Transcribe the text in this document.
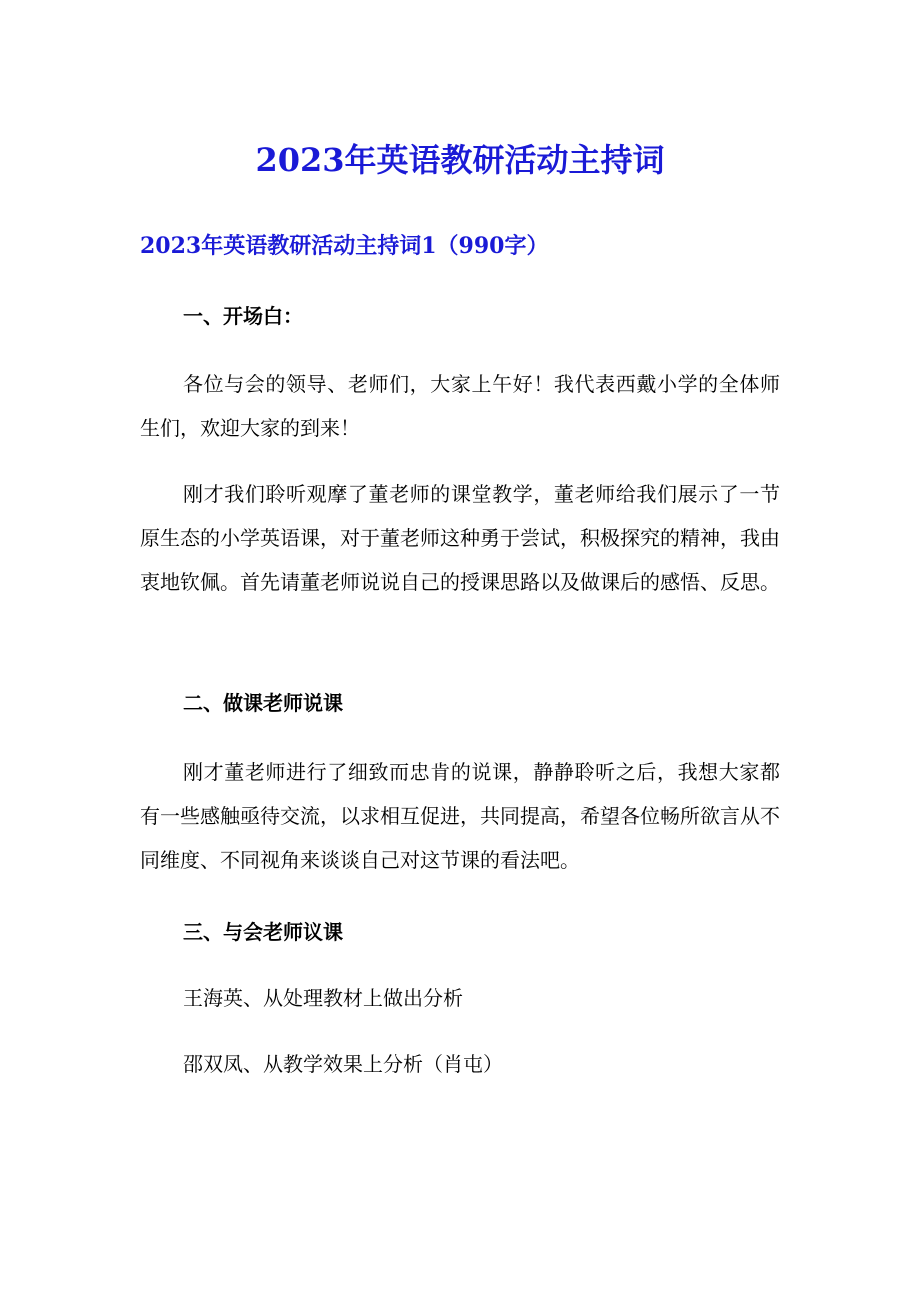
2023年英语教研活动主持词
2023年英语教研活动主持词1（990字）
一、开场白：

各位与会的领导、老师们，大家上午好！我代表西戴小学的全体师生们，欢迎大家的到来！

刚才我们聆听观摩了董老师的课堂教学，董老师给我们展示了一节原生态的小学英语课，对于董老师这种勇于尝试，积极探究的精神，我由衷地钦佩。首先请董老师说说自己的授课思路以及做课后的感悟、反思。

二、做课老师说课

刚才董老师进行了细致而忠肯的说课，静静聆听之后，我想大家都有一些感触亟待交流，以求相互促进，共同提高，希望各位畅所欲言从不同维度、不同视角来谈谈自己对这节课的看法吧。

三、与会老师议课

王海英、从处理教材上做出分析

邵双凤、从教学效果上分析（肖屯）
